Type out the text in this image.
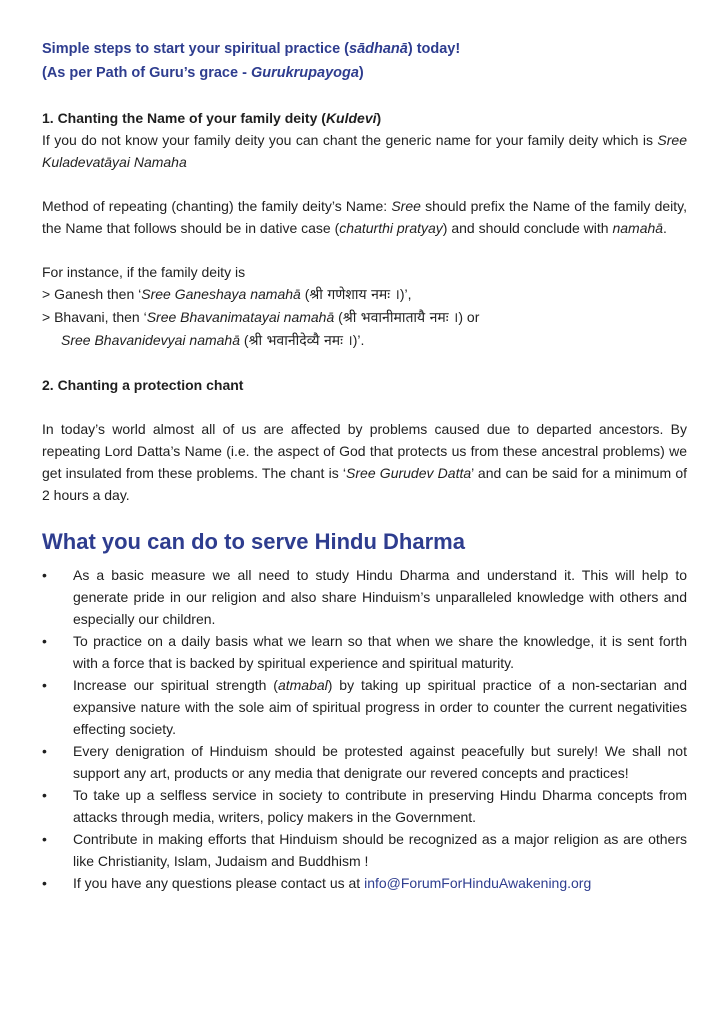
Simple steps to start your spiritual practice (sādhanā) today!
(As per Path of Guru’s grace - Gurukrupayoga)
1. Chanting the Name of your family deity (Kuldevi)

If you do not know your family deity you can chant the generic name for your family deity which is Sree Kuladevatāyai Namaha

Method of repeating (chanting) the family deity’s Name: Sree should prefix the Name of the family deity, the Name that follows should be in dative case (chaturthi pratyay) and should conclude with namahā.

For instance, if the family deity is

> Ganesh then ‘Sree Ganeshaya namahā (श्री गणेशाय नमः ।)’,

> Bhavani, then ‘Sree Bhavanimatayai namahā (श्री भवानीमातायै नमः ।) or

Sree Bhavanidevyai namahā (श्री भवानीदेव्यै नमः ।)’.

2. Chanting a protection chant

In today’s world almost all of us are affected by problems caused due to departed ancestors. By repeating Lord Datta’s Name (i.e. the aspect of God that protects us from these ancestral problems) we get insulated from these problems. The chant is ‘Sree Gurudev Datta’ and can be said for a minimum of 2 hours a day.

What you can do to serve Hindu Dharma
•	As a basic measure we all need to study Hindu Dharma and understand it. This will help to generate pride in our religion and also share Hinduism’s unparalleled knowledge with others and especially our children.
•	To practice on a daily basis what we learn so that when we share the knowledge, it is sent forth with a force that is backed by spiritual experience and spiritual maturity.
•	Increase our spiritual strength (atmabal) by taking up spiritual practice of a non-sectarian and expansive nature with the sole aim of spiritual progress in order to counter the current negativities effecting society.
•	Every denigration of Hinduism should be protested against peacefully but surely! We shall not support any art, products or any media that denigrate our revered concepts and practices!
•	To take up a selfless service in society to contribute in preserving Hindu Dharma concepts from attacks through media, writers, policy makers in the Government.
•	Contribute in making efforts that Hinduism should be recognized as a major religion as are others like Christianity, Islam, Judaism and Buddhism !
•	If you have any questions please contact us at info@ForumForHinduAwakening.org
